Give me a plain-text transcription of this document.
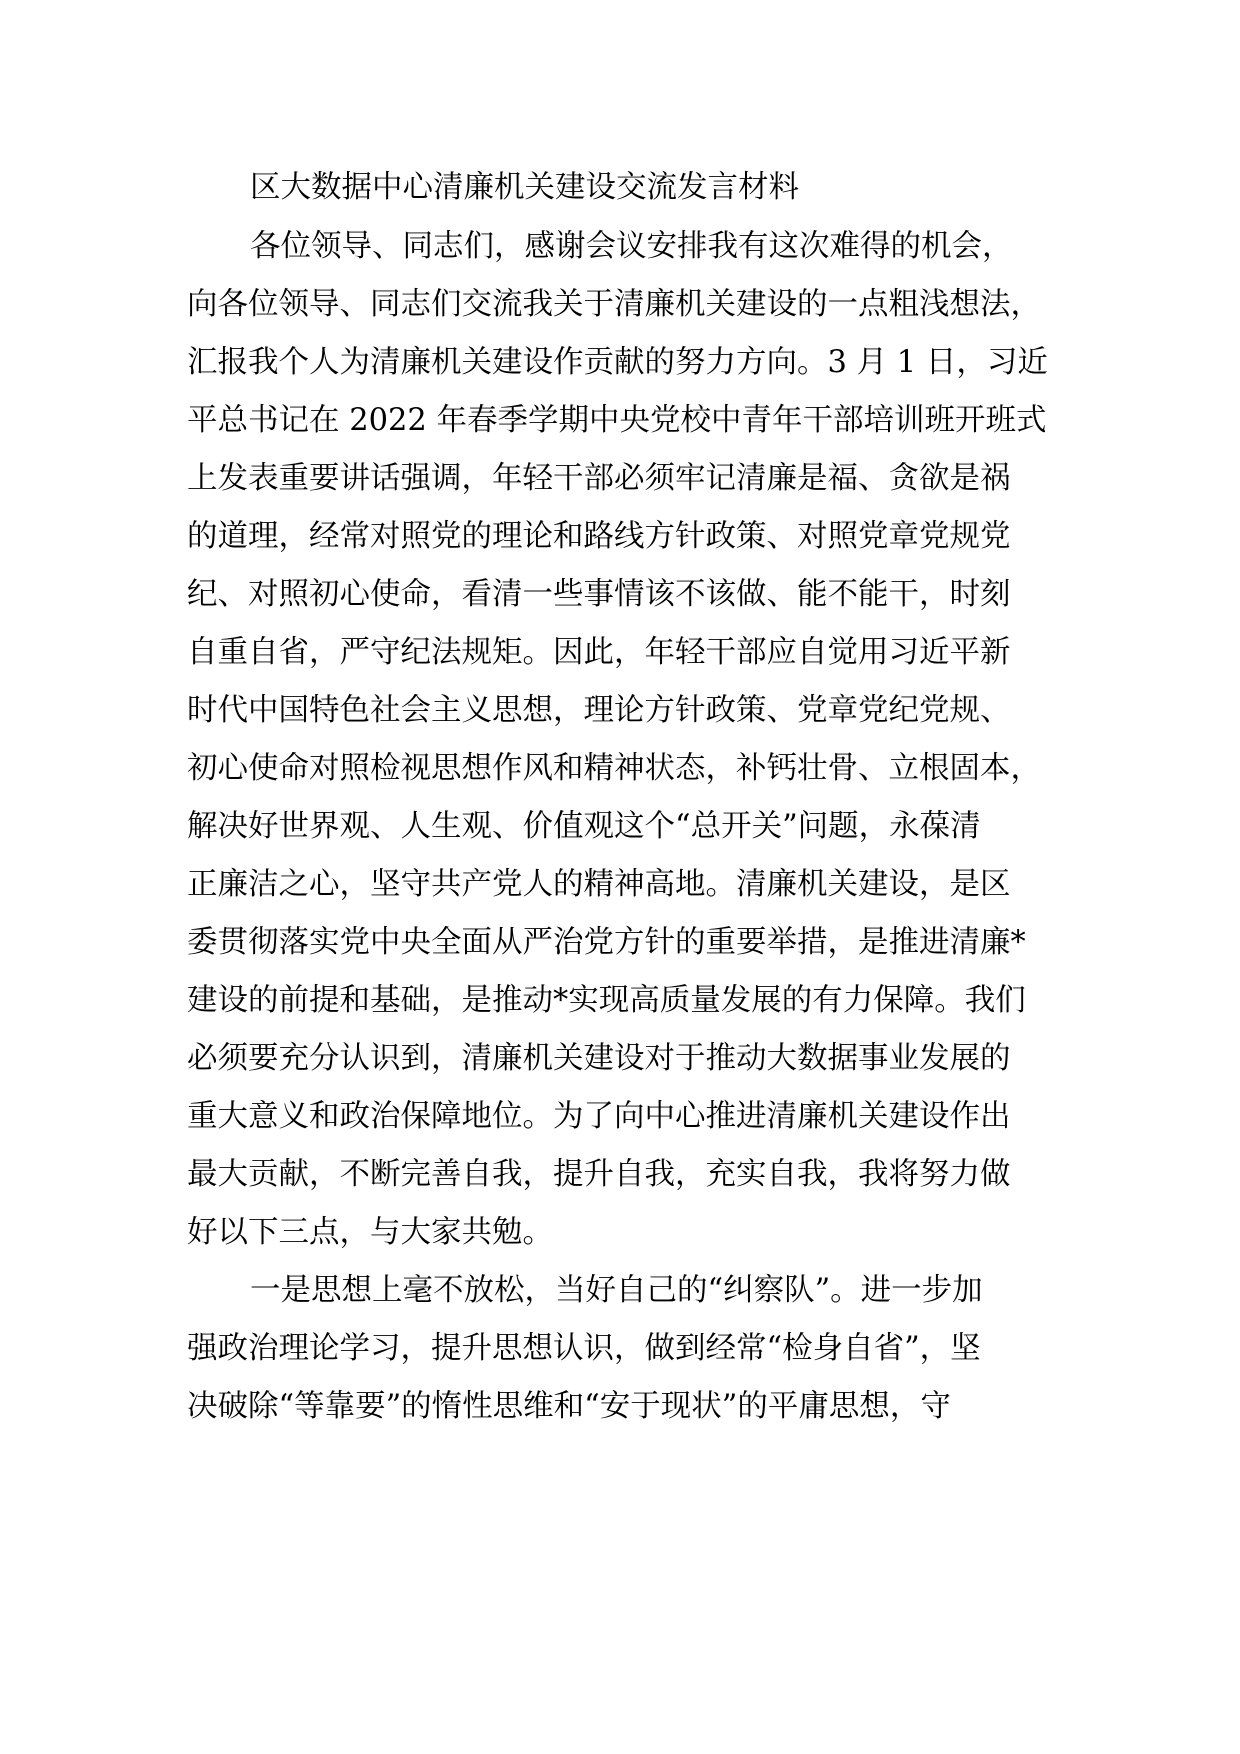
区大数据中心清廉机关建设交流发言材料
各位领导、同志们，感谢会议安排我有这次难得的机会，
向各位领导、同志们交流我关于清廉机关建设的一点粗浅想法，
汇报我个人为清廉机关建设作贡献的努力方向。3 月 1 日，习近
平总书记在 2022 年春季学期中央党校中青年干部培训班开班式
上发表重要讲话强调，年轻干部必须牢记清廉是福、贪欲是祸
的道理，经常对照党的理论和路线方针政策、对照党章党规党
纪、对照初心使命，看清一些事情该不该做、能不能干，时刻
自重自省，严守纪法规矩。因此，年轻干部应自觉用习近平新
时代中国特色社会主义思想，理论方针政策、党章党纪党规、
初心使命对照检视思想作风和精神状态，补钙壮骨、立根固本，
解决好世界观、人生观、价值观这个“总开关”问题，永葆清
正廉洁之心，坚守共产党人的精神高地。清廉机关建设，是区
委贯彻落实党中央全面从严治党方针的重要举措，是推进清廉*
建设的前提和基础，是推动*实现高质量发展的有力保障。我们
必须要充分认识到，清廉机关建设对于推动大数据事业发展的
重大意义和政治保障地位。为了向中心推进清廉机关建设作出
最大贡献，不断完善自我，提升自我，充实自我，我将努力做
好以下三点，与大家共勉。
一是思想上毫不放松，当好自己的“纠察队”。进一步加
强政治理论学习，提升思想认识，做到经常“检身自省”，坚
决破除“等靠要”的惰性思维和“安于现状”的平庸思想，守
